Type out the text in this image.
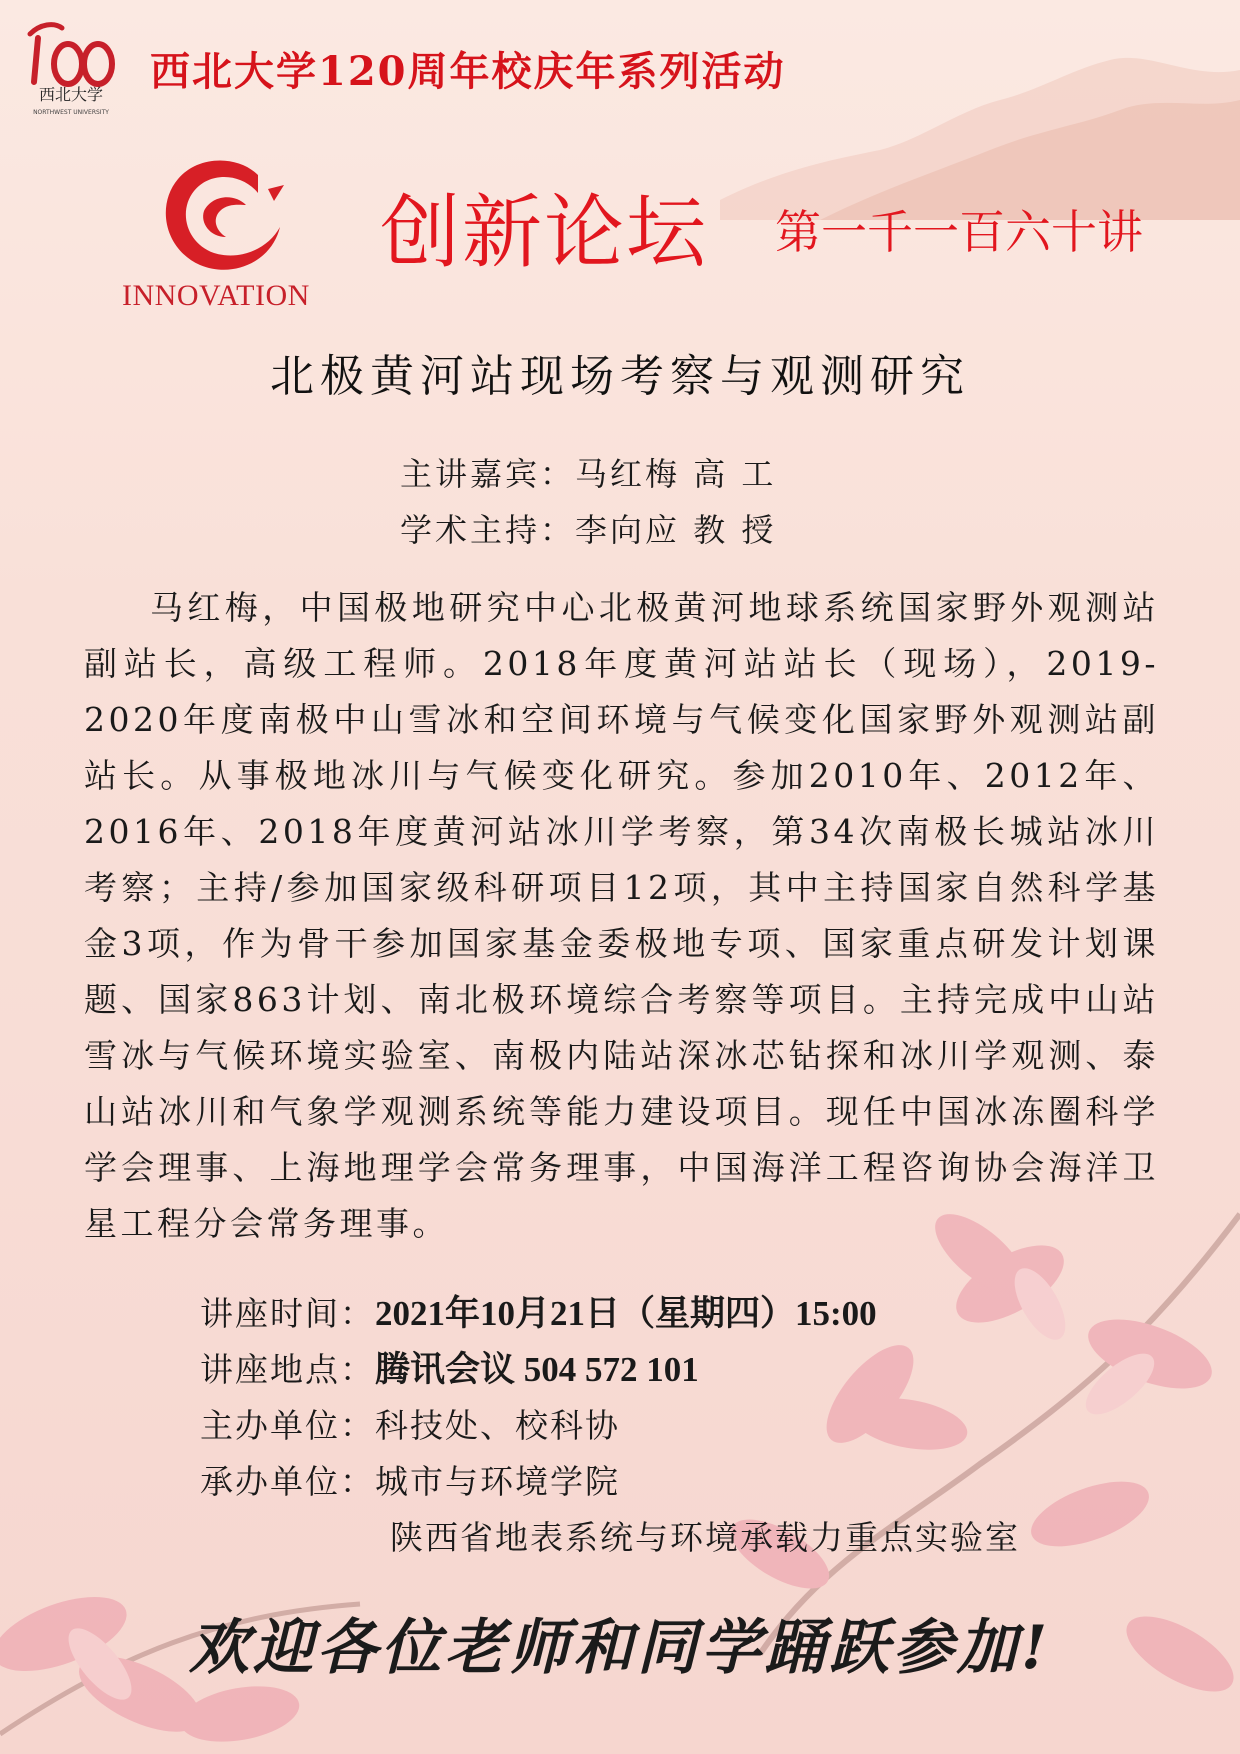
西北大学
NORTHWEST UNIVERSITY
西北大学120周年校庆年系列活动
INNOVATION
创新论坛 第一千一百六十讲
北极黄河站现场考察与观测研究
主讲嘉宾：马红梅 高 工
学术主持：李向应 教 授
马红梅，中国极地研究中心北极黄河地球系统国家野外观测站副站长，高级工程师。2018年度黄河站站长（现场），2019-2020年度南极中山雪冰和空间环境与气候变化国家野外观测站副站长。从事极地冰川与气候变化研究。参加2010年、2012年、2016年、2018年度黄河站冰川学考察，第34次南极长城站冰川考察；主持/参加国家级科研项目12项，其中主持国家自然科学基金3项，作为骨干参加国家基金委极地专项、国家重点研发计划课题、国家863计划、南北极环境综合考察等项目。主持完成中山站雪冰与气候环境实验室、南极内陆站深冰芯钻探和冰川学观测、泰山站冰川和气象学观测系统等能力建设项目。现任中国冰冻圈科学学会理事、上海地理学会常务理事，中国海洋工程咨询协会海洋卫星工程分会常务理事。
讲座时间：2021年10月21日（星期四）15:00
讲座地点：腾讯会议 504 572 101
主办单位：科技处、校科协
承办单位：城市与环境学院
陕西省地表系统与环境承载力重点实验室
欢迎各位老师和同学踊跃参加!
